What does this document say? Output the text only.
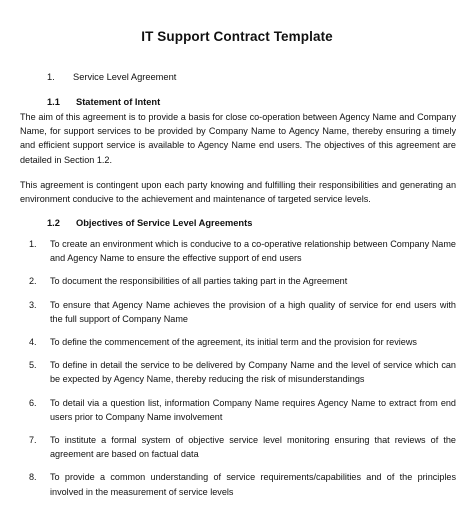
IT Support Contract Template
1. Service Level Agreement
1.1 Statement of Intent

The aim of this agreement is to provide a basis for close co-operation between Agency Name and Company Name, for support services to be provided by Company Name to Agency Name, thereby ensuring a timely and efficient support service is available to Agency Name end users. The objectives of this agreement are detailed in Section 1.2.

This agreement is contingent upon each party knowing and fulfilling their responsibilities and generating an environment conducive to the achievement and maintenance of targeted service levels.

1.2 Objectives of Service Level Agreements
1. To create an environment which is conducive to a co-operative relationship between Company Name and Agency Name to ensure the effective support of end users
2. To document the responsibilities of all parties taking part in the Agreement
3. To ensure that Agency Name achieves the provision of a high quality of service for end users with the full support of Company Name
4. To define the commencement of the agreement, its initial term and the provision for reviews
5. To define in detail the service to be delivered by Company Name and the level of service which can be expected by Agency Name, thereby reducing the risk of misunderstandings
6. To detail via a question list, information Company Name requires Agency Name to extract from end users prior to Company Name involvement
7. To institute a formal system of objective service level monitoring ensuring that reviews of the agreement are based on factual data
8. To provide a common understanding of service requirements/capabilities and of the principles involved in the measurement of service levels
